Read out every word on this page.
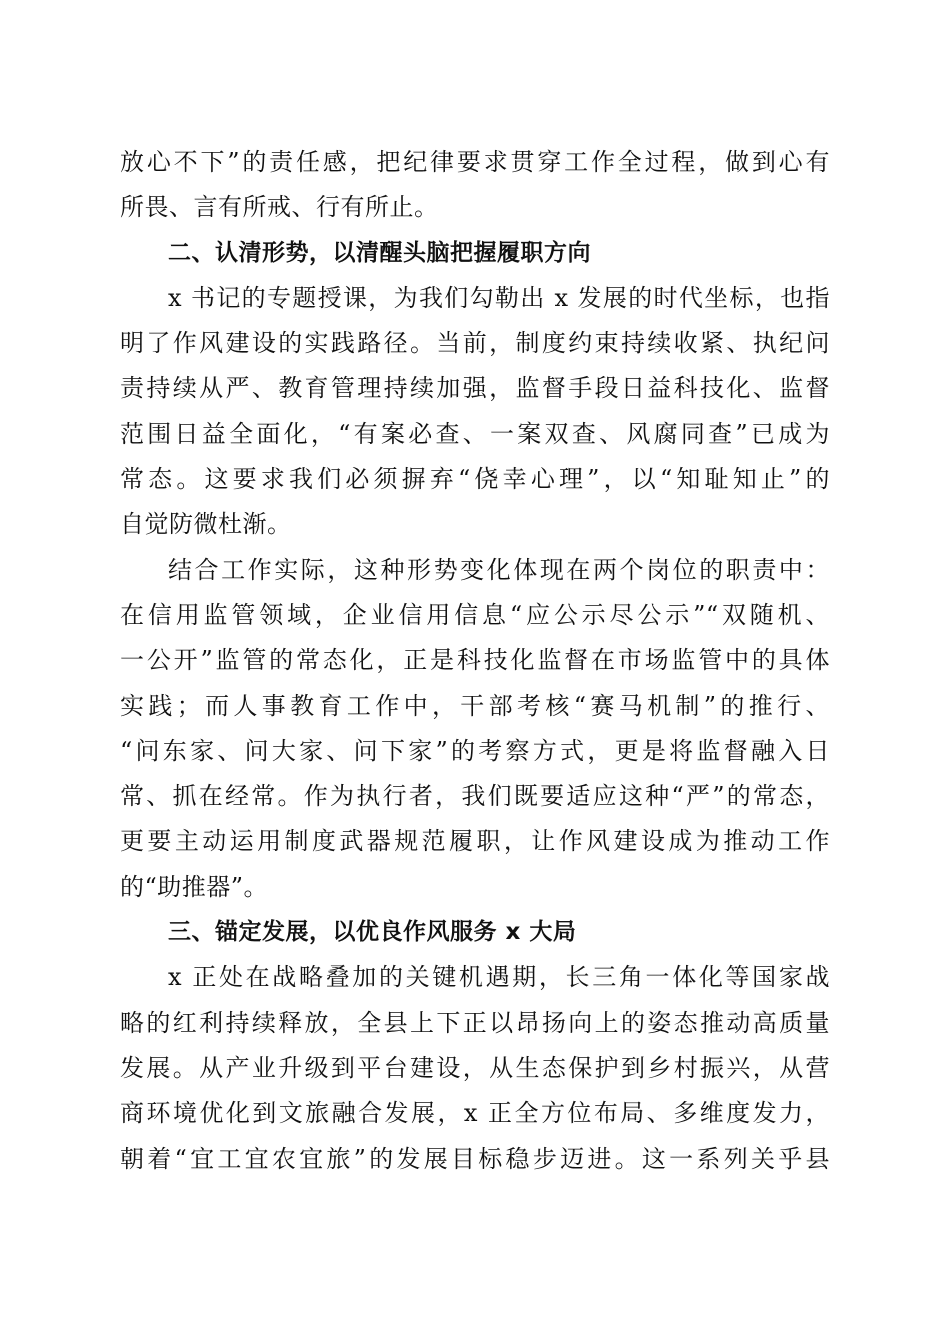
放心不下”的责任感，把纪律要求贯穿工作全过程，做到心有
所畏、言有所戒、行有所止。
二、认清形势，以清醒头脑把握履职方向
x 书记的专题授课，为我们勾勒出 x 发展的时代坐标，也指
明了作风建设的实践路径。当前，制度约束持续收紧、执纪问
责持续从严、教育管理持续加强，监督手段日益科技化、监督
范围日益全面化，“有案必查、一案双查、风腐同查”已成为
常态。这要求我们必须摒弃“侥幸心理”，以“知耻知止”的
自觉防微杜渐。
结合工作实际，这种形势变化体现在两个岗位的职责中：
在信用监管领域，企业信用信息“应公示尽公示”“双随机、
一公开”监管的常态化，正是科技化监督在市场监管中的具体
实践；而人事教育工作中，干部考核“赛马机制”的推行、
“问东家、问大家、问下家”的考察方式，更是将监督融入日
常、抓在经常。作为执行者，我们既要适应这种“严”的常态，
更要主动运用制度武器规范履职，让作风建设成为推动工作
的“助推器”。
三、锚定发展，以优良作风服务 x 大局
x 正处在战略叠加的关键机遇期，长三角一体化等国家战
略的红利持续释放，全县上下正以昂扬向上的姿态推动高质量
发展。从产业升级到平台建设，从生态保护到乡村振兴，从营
商环境优化到文旅融合发展，x 正全方位布局、多维度发力，
朝着“宜工宜农宜旅”的发展目标稳步迈进。这一系列关乎县
